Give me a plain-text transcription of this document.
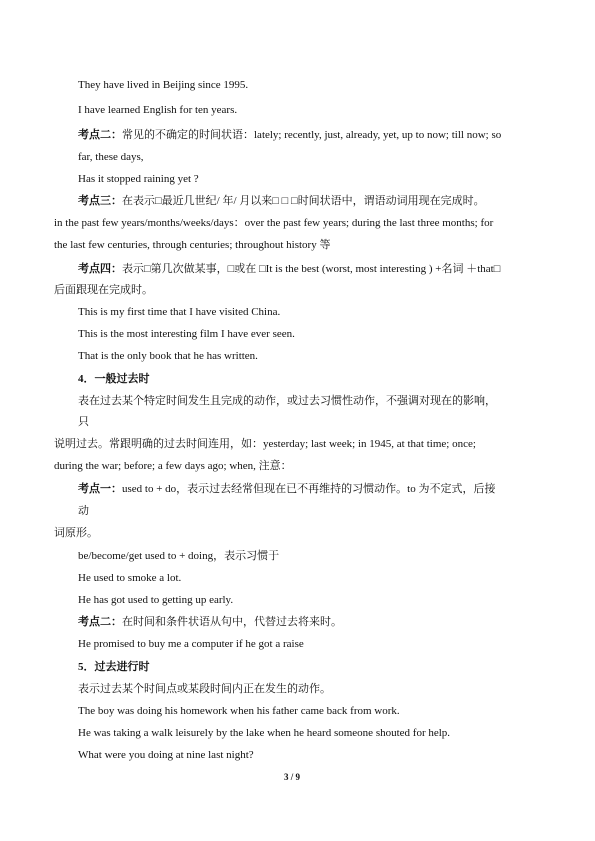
They have lived in Beijing since 1995.
I have learned English for ten years.
考点二：常见的不确定的时间状语：lately; recently, just, already, yet, up to now; till now; so
far, these days,
Has it stopped raining yet ?
考点三：在表示□最近几世纪/ 年/ 月以来□ □ □时间状语中，谓语动词用现在完成时。
in the past few years/months/weeks/days：over the past few years; during the last three months; for
the last few centuries, through centuries; throughout history 等
考点四：表示□第几次做某事，□或在 □It is the best (worst, most interesting ) +名词 ＋that□
后面跟现在完成时。
This is my first time that I have visited China.
This is the most interesting film I have ever seen.
That is the only book that he has written.
4．一般过去时
表在过去某个特定时间发生且完成的动作，或过去习惯性动作，不强调对现在的影响，
只
说明过去。常跟明确的过去时间连用，如：yesterday; last week; in 1945, at that time; once;
during the war; before; a few days ago; when, 注意：
考点一：used to + do，表示过去经常但现在已不再维持的习惯动作。to 为不定式，后接
动
词原形。
be/become/get used to + doing，表示习惯于
He used to smoke a lot.
He has got used to getting up early.
考点二：在时间和条件状语从句中，代替过去将来时。
He promised to buy me a computer if he got a raise
5．过去进行时
表示过去某个时间点或某段时间内正在发生的动作。
The boy was doing his homework when his father came back from work.
He was taking a walk leisurely by the lake when he heard someone shouted for help.
What were you doing at nine last night?
3 / 9
